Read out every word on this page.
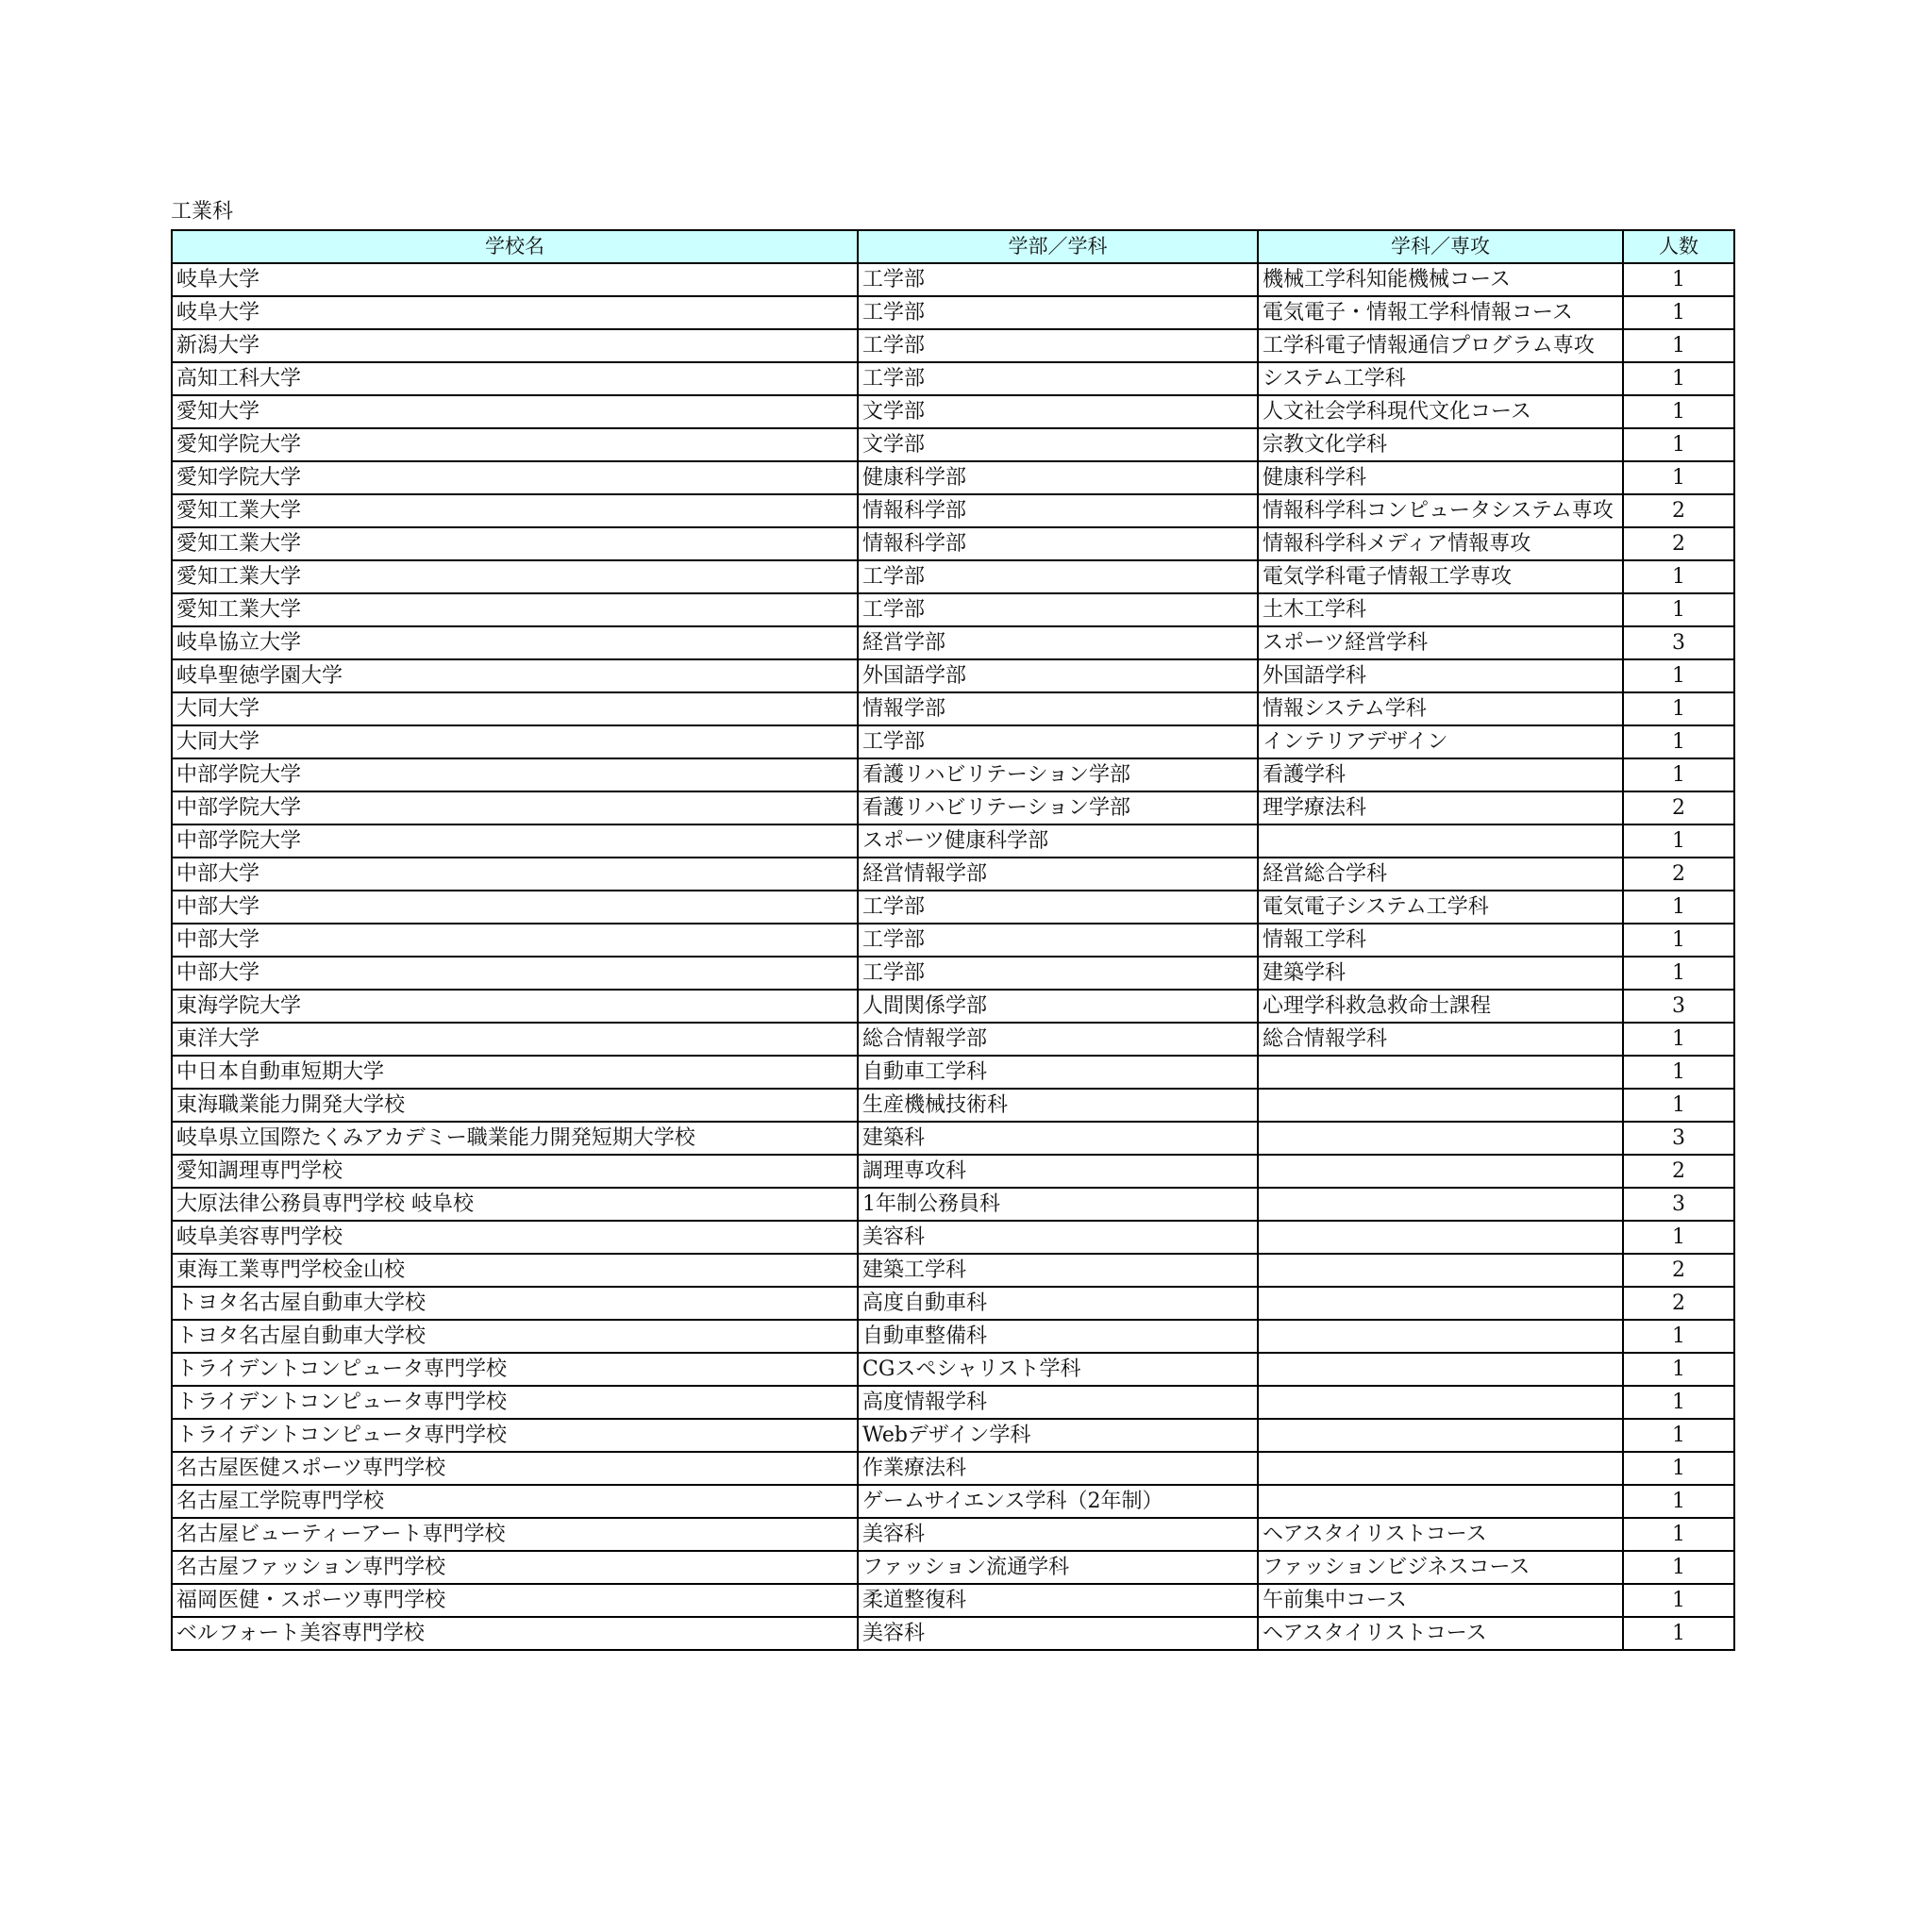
工業科
学校名	学部／学科	学科／専攻	人数
岐阜大学	工学部	機械工学科知能機械コース	1
岐阜大学	工学部	電気電子・情報工学科情報コース	1
新潟大学	工学部	工学科電子情報通信プログラム専攻	1
高知工科大学	工学部	システム工学科	1
愛知大学	文学部	人文社会学科現代文化コース	1
愛知学院大学	文学部	宗教文化学科	1
愛知学院大学	健康科学部	健康科学科	1
愛知工業大学	情報科学部	情報科学科コンピュータシステム専攻	2
愛知工業大学	情報科学部	情報科学科メディア情報専攻	2
愛知工業大学	工学部	電気学科電子情報工学専攻	1
愛知工業大学	工学部	土木工学科	1
岐阜協立大学	経営学部	スポーツ経営学科	3
岐阜聖徳学園大学	外国語学部	外国語学科	1
大同大学	情報学部	情報システム学科	1
大同大学	工学部	インテリアデザイン	1
中部学院大学	看護リハビリテーション学部	看護学科	1
中部学院大学	看護リハビリテーション学部	理学療法科	2
中部学院大学	スポーツ健康科学部		1
中部大学	経営情報学部	経営総合学科	2
中部大学	工学部	電気電子システム工学科	1
中部大学	工学部	情報工学科	1
中部大学	工学部	建築学科	1
東海学院大学	人間関係学部	心理学科救急救命士課程	3
東洋大学	総合情報学部	総合情報学科	1
中日本自動車短期大学	自動車工学科		1
東海職業能力開発大学校	生産機械技術科		1
岐阜県立国際たくみアカデミー職業能力開発短期大学校	建築科		3
愛知調理専門学校	調理専攻科		2
大原法律公務員専門学校 岐阜校	1年制公務員科		3
岐阜美容専門学校	美容科		1
東海工業専門学校金山校	建築工学科		2
トヨタ名古屋自動車大学校	高度自動車科		2
トヨタ名古屋自動車大学校	自動車整備科		1
トライデントコンピュータ専門学校	CGスペシャリスト学科		1
トライデントコンピュータ専門学校	高度情報学科		1
トライデントコンピュータ専門学校	Webデザイン学科		1
名古屋医健スポーツ専門学校	作業療法科		1
名古屋工学院専門学校	ゲームサイエンス学科（2年制）		1
名古屋ビューティーアート専門学校	美容科	ヘアスタイリストコース	1
名古屋ファッション専門学校	ファッション流通学科	ファッションビジネスコース	1
福岡医健・スポーツ専門学校	柔道整復科	午前集中コース	1
ベルフォート美容専門学校	美容科	ヘアスタイリストコース	1
